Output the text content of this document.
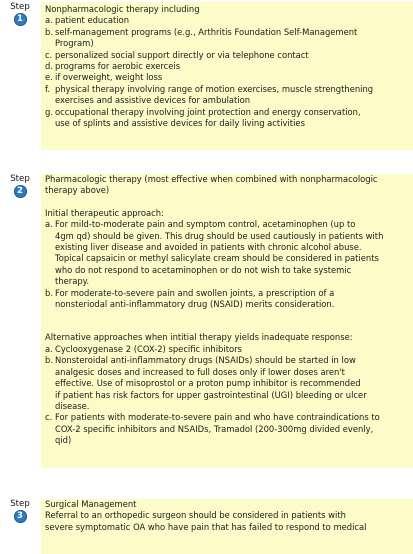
Step
1

Nonpharmacologic therapy including

a. patient education
b. self-management programs (e.g., Arthritis Foundation Self-Management
Program)
c. personalized social support directly or via telephone contact
d. programs for aerobic exerceis
e. if overweight, weight loss
f. physical therapy involving range of motion exercises, muscle strengthening
exercises and assistive devices for ambulation
g. occupational therapy involving joint protection and energy conservation,
use of splints and assistive devices for daily living activities
Step
2
Pharmacologic therapy (most effective when combined with nonpharmacologic
therapy above)

Initial therapeutic approach:

a. For mild-to-moderate pain and symptom control, acetaminophen (up to
4gm qd) should be given. This drug should be used cautiously in patients with
existing liver disease and avoided in patients with chronic alcohol abuse.
Topical capsaicin or methyl salicylate cream should be considered in patients
who do not respond to acetaminophen or do not wish to take systemic
therapy.
b. For moderate-to-severe pain and swollen joints, a prescription of a
nonsteriodal anti-inflammatory drug (NSAID) merits consideration.

Alternative approaches when intitial therapy yields inadequate response:

a. Cyclooxygenase 2 (COX-2) specific inhibitors
b. Nonsteroidal anti-inflammatory drugs (NSAIDs) should be started in low
analgesic doses and increased to full doses only if lower doses aren't
effective. Use of misoprostol or a proton pump inhibitor is recommended
if patient has risk factors for upper gastrointestinal (UGI) bleeding or ulcer
disease.
c. For patients with moderate-to-severe pain and who have contraindications to
COX-2 specific inhibitors and NSAIDs, Tramadol (200-300mg divided evenly,
qid)
Step
3

Surgical Management

Referral to an orthopedic surgeon should be considered in patients with
severe symptomatic OA who have pain that has failed to respond to medical
